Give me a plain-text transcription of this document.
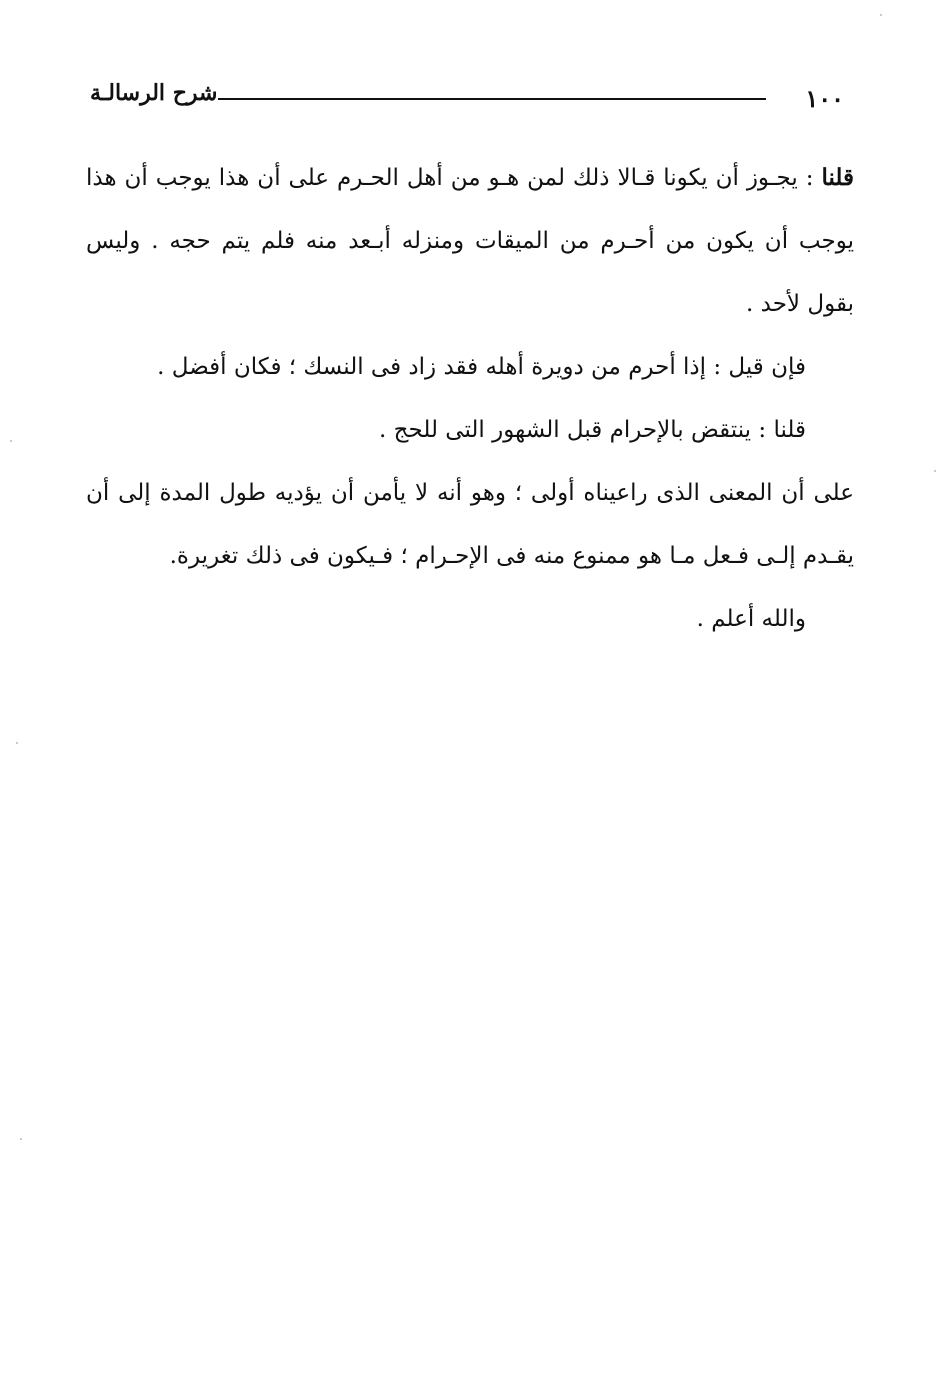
١٠٠
شرح الرسالـة

قلنا : يجـوز أن يكونا قـالا ذلك لمن هـو من أهل الحـرم على أن هذا يوجب أن هذا يوجب أن يكون من أحـرم من الميقات ومنزله أبـعد منه فلم يتم حجه . وليس بقول لأحد .

فإن قيل : إذا أحرم من دويرة أهله فقد زاد فى النسك ؛ فكان أفضل .

قلنا : ينتقض بالإحرام قبل الشهور التى للحج .

على أن المعنى الذى راعيناه أولى ؛ وهو أنه لا يأمن أن يؤديه طول المدة إلى أن يقـدم إلـى فـعل مـا هو ممنوع منه فى الإحـرام ؛ فـيكون فى ذلك تغريرة.

والله أعلم .
